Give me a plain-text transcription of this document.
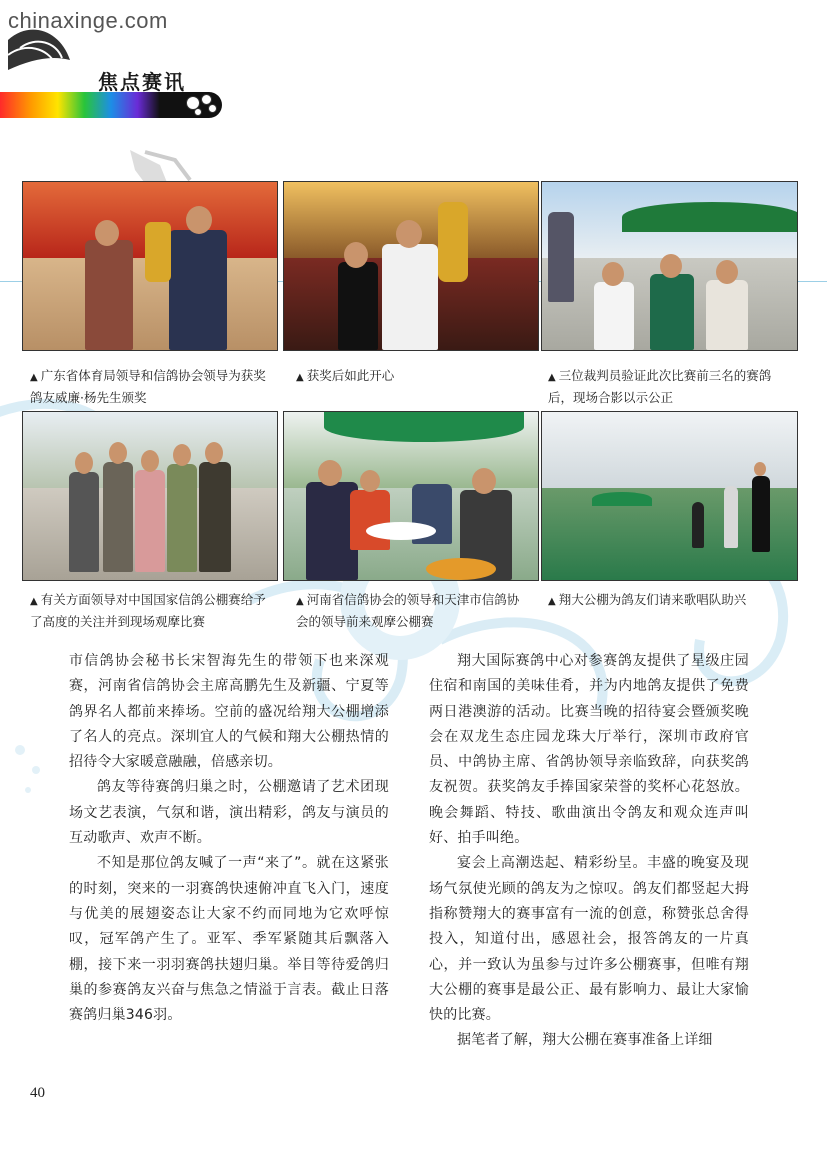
chinaxinge.com
焦点赛讯
▲ 广东省体育局领导和信鸽协会领导为获奖鸽友威廉·杨先生颁奖
▲ 获奖后如此开心	▲ 三位裁判员验证此次比赛前三名的赛鸽后，现场合影以示公正
▲ 有关方面领导对中国国家信鸽公棚赛给予了高度的关注并到现场观摩比赛
▲ 河南省信鸽协会的领导和天津市信鸽协会的领导前来观摩公棚赛
▲ 翔大公棚为鸽友们请来歌唱队助兴

市信鸽协会秘书长宋智海先生的带领下也来深观赛，河南省信鸽协会主席高鹏先生及新疆、宁夏等鸽界名人都前来捧场。空前的盛况给翔大公棚增添了名人的亮点。深圳宜人的气候和翔大公棚热情的招待令大家暖意融融，倍感亲切。

鸽友等待赛鸽归巢之时，公棚邀请了艺术团现场文艺表演，气氛和谐，演出精彩，鸽友与演员的互动歌声、欢声不断。

不知是那位鸽友喊了一声“来了”。就在这紧张的时刻，突来的一羽赛鸽快速俯冲直飞入门，速度与优美的展翅姿态让大家不约而同地为它欢呼惊叹，冠军鸽产生了。亚军、季军紧随其后飘落入棚，接下来一羽羽赛鸽扶翅归巢。举目等待爱鸽归巢的参赛鸽友兴奋与焦急之情溢于言表。截止日落赛鸽归巢346羽。

翔大国际赛鸽中心对参赛鸽友提供了星级庄园住宿和南国的美味佳肴，并为内地鸽友提供了免费两日港澳游的活动。比赛当晚的招待宴会暨颁奖晚会在双龙生态庄园龙珠大厅举行，深圳市政府官员、中鸽协主席、省鸽协领导亲临致辞，向获奖鸽友祝贺。获奖鸽友手捧国家荣誉的奖杯心花怒放。晚会舞蹈、特技、歌曲演出令鸽友和观众连声叫好、拍手叫绝。

宴会上高潮迭起、精彩纷呈。丰盛的晚宴及现场气氛使光顾的鸽友为之惊叹。鸽友们都竖起大拇指称赞翔大的赛事富有一流的创意，称赞张总舍得投入，知道付出，感恩社会，报答鸽友的一片真心，并一致认为虽参与过许多公棚赛事，但唯有翔大公棚的赛事是最公正、最有影响力、最让大家愉快的比赛。

据笔者了解，翔大公棚在赛事准备上详细

40
